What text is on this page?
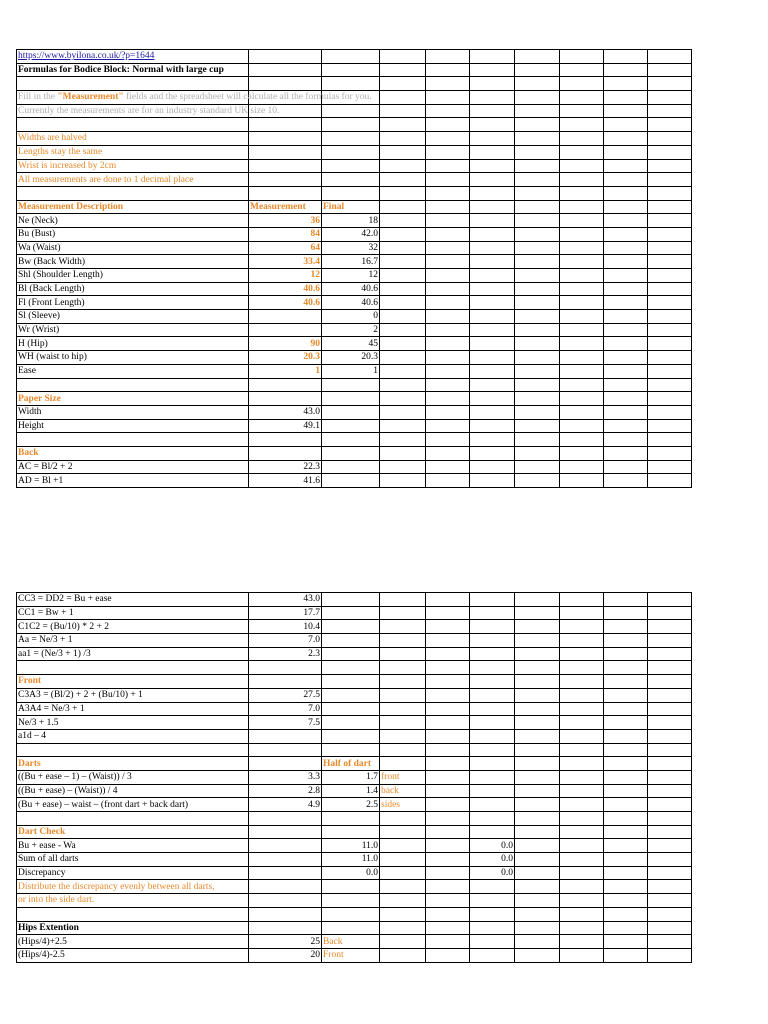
https://www.byilona.co.uk/?p=1644									
Formulas for Bodice Block: Normal with large cup									

Fill in the "Measurement" fields and the spreadsheet will calculate all the formulas for you.									
Currently the measurements are for an industry standard UK size 10.									

Widths are halved									
Lengths stay the same									
Wrist is increased by 2cm									
All measurements are done to 1 decimal place									

Measurement Description	Measurement	Final							
Ne (Neck)	36	18							
Bu (Bust)	84	42.0							
Wa (Waist)	64	32							
Bw (Back Width)	33.4	16.7							
Shl (Shoulder Length)	12	12							
Bl (Back Length)	40.6	40.6							
Fl (Front Length)	40.6	40.6							
Sl (Sleeve)		0							
Wr (Wrist)		2							
H (Hip)	90	45							
WH (waist to hip)	20.3	20.3							
Ease	1	1							

Paper Size									
Width	43.0								
Height	49.1								

Back									
AC = Bl/2 + 2	22.3								
AD = Bl +1	41.6								
CC3 = DD2 = Bu + ease	43.0								
CC1 = Bw + 1	17.7								
C1C2 = (Bu/10) * 2 + 2	10.4								
Aa = Ne/3 + 1	7.0								
aa1 = (Ne/3 + 1) /3	2.3								

Front									
C3A3 = (Bl/2) + 2 + (Bu/10) + 1	27.5								
A3A4 = Ne/3 + 1	7.0								
Ne/3 + 1.5	7.5								
a1d – 4									

Darts		Half of dart							
((Bu + ease – 1) – (Waist)) / 3	3.3	1.7	front						
((Bu + ease) – (Waist)) / 4	2.8	1.4	back						
(Bu + ease) – waist – (front dart + back dart)	4.9	2.5	sides						

Dart Check									
Bu + ease - Wa		11.0			0.0				
Sum of all darts		11.0			0.0				
Discrepancy		0.0			0.0				
Distribute the discrepancy evenly between all darts,									
or into the side dart.									

Hips Extention									
(Hips/4)+2.5	25	Back							
(Hips/4)-2.5	20	Front							
